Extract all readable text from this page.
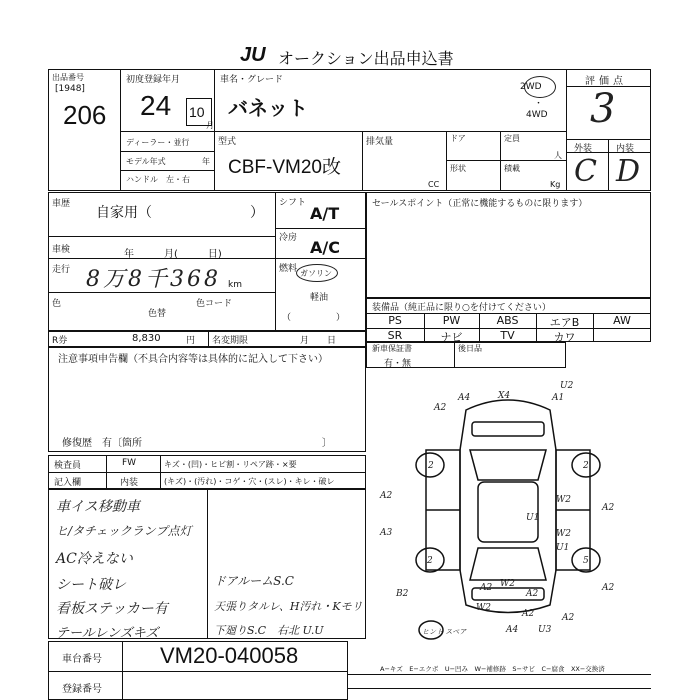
JU オークション出品申込書
出品番号
[1948]
206
初度登録年月
24 10
月
車名・グレード
バネット
2WD
・
4WD
評価点
3
外装	内装
C D
ディーラー・並行
モデル年式	年
ハンドル　左・右
型式
CBF-VM20改
排気量
CC
ドア	定員
人
形状	積載
Kg
車歴
自家用（　　　　　　　）
車検	年　　　月(　　　日)
走行 8万8千368 km
色
色替
色コード
シフト
A/T
冷房 A/C
燃料 ガソリン
軽油
（　　　　　）
セールスポイント（正常に機能するものに限ります）
装備品（純正品に限り○を付けてください）
PS	PW	ABS	エアB	AW
SR	ナビ	TV	カワ
R券	8,830	円 名変期限	月　　日
新車保証書
有・無
後日品
注意事項申告欄（不具合内容等は具体的に記入して下さい）
修復歴　有〔箇所　　　　　　　　　　　　　　　　　　〕
検査員	FW	キズ・(凹)・ヒビ割・リペア跡・×要
記入欄	内装	(キズ)・(汚れ)・コゲ・穴・(スレ)・キレ・破レ
車イス移動車
ヒ/タチェックランプ点灯
AC冷えない
シート破レ
看板ステッカー有
テールレンズキズ
ドアルームS.C
天張りタルレ、H汚れ・Kモリ
下廻りS.C　右北 U.U
2	2
2	5
A2
A4	X4
U2
A1
A2	W2
A2
U1
A3	W2
U1
A2
W2
B2
A2
A2
W2
A4 U3
A2
A2
ヒント スペア
車台番号	VM20-040058
登録番号
A−キズ　E−エクボ　U−凹み　W−補修跡　S−サビ　C−腐食　XX−交換済
